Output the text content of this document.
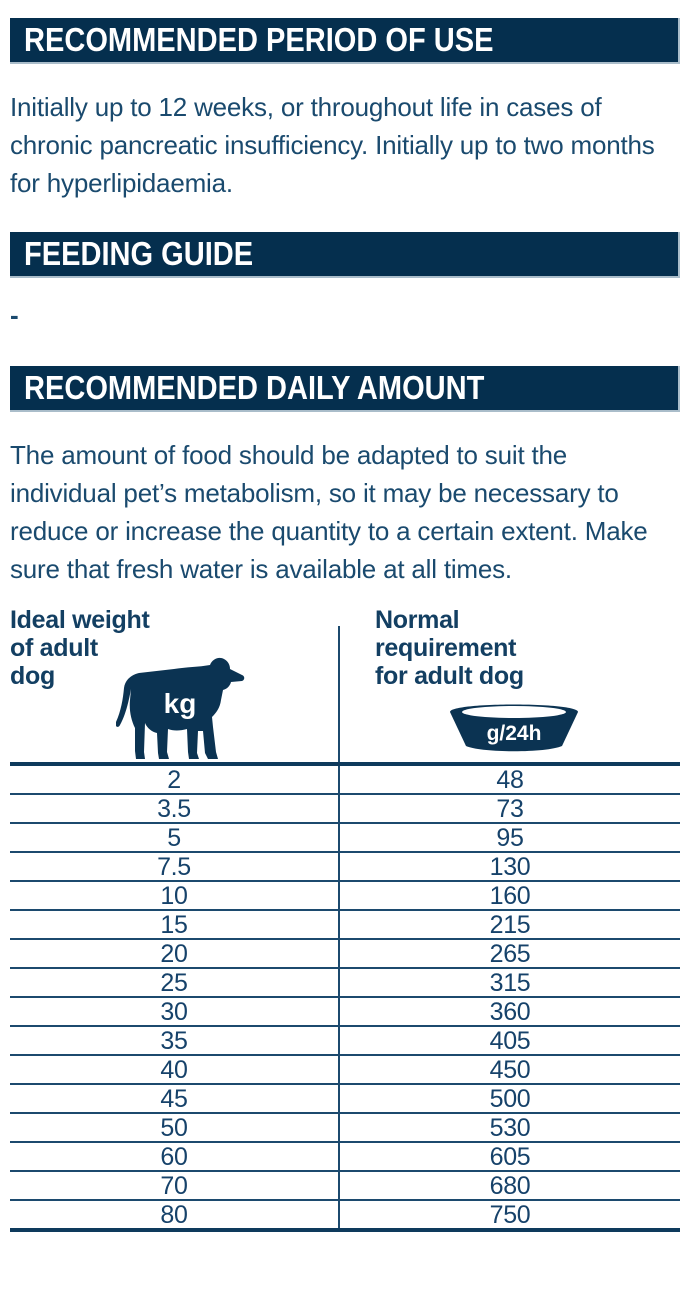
RECOMMENDED PERIOD OF USE

Initially up to 12 weeks, or throughout life in cases of chronic pancreatic insufficiency. Initially up to two months for hyperlipidaemia.

FEEDING GUIDE

-

RECOMMENDED DAILY AMOUNT

The amount of food should be adapted to suit the individual pet’s metabolism, so it may be necessary to reduce or increase the quantity to a certain extent. Make sure that fresh water is available at all times.

Ideal weight
of adult
dog
kg
Normal
requirement
for adult dog
g/24h
2	48
3.5	73
5	95
7.5	130
10	160
15	215
20	265
25	315
30	360
35	405
40	450
45	500
50	530
60	605
70	680
80	750
